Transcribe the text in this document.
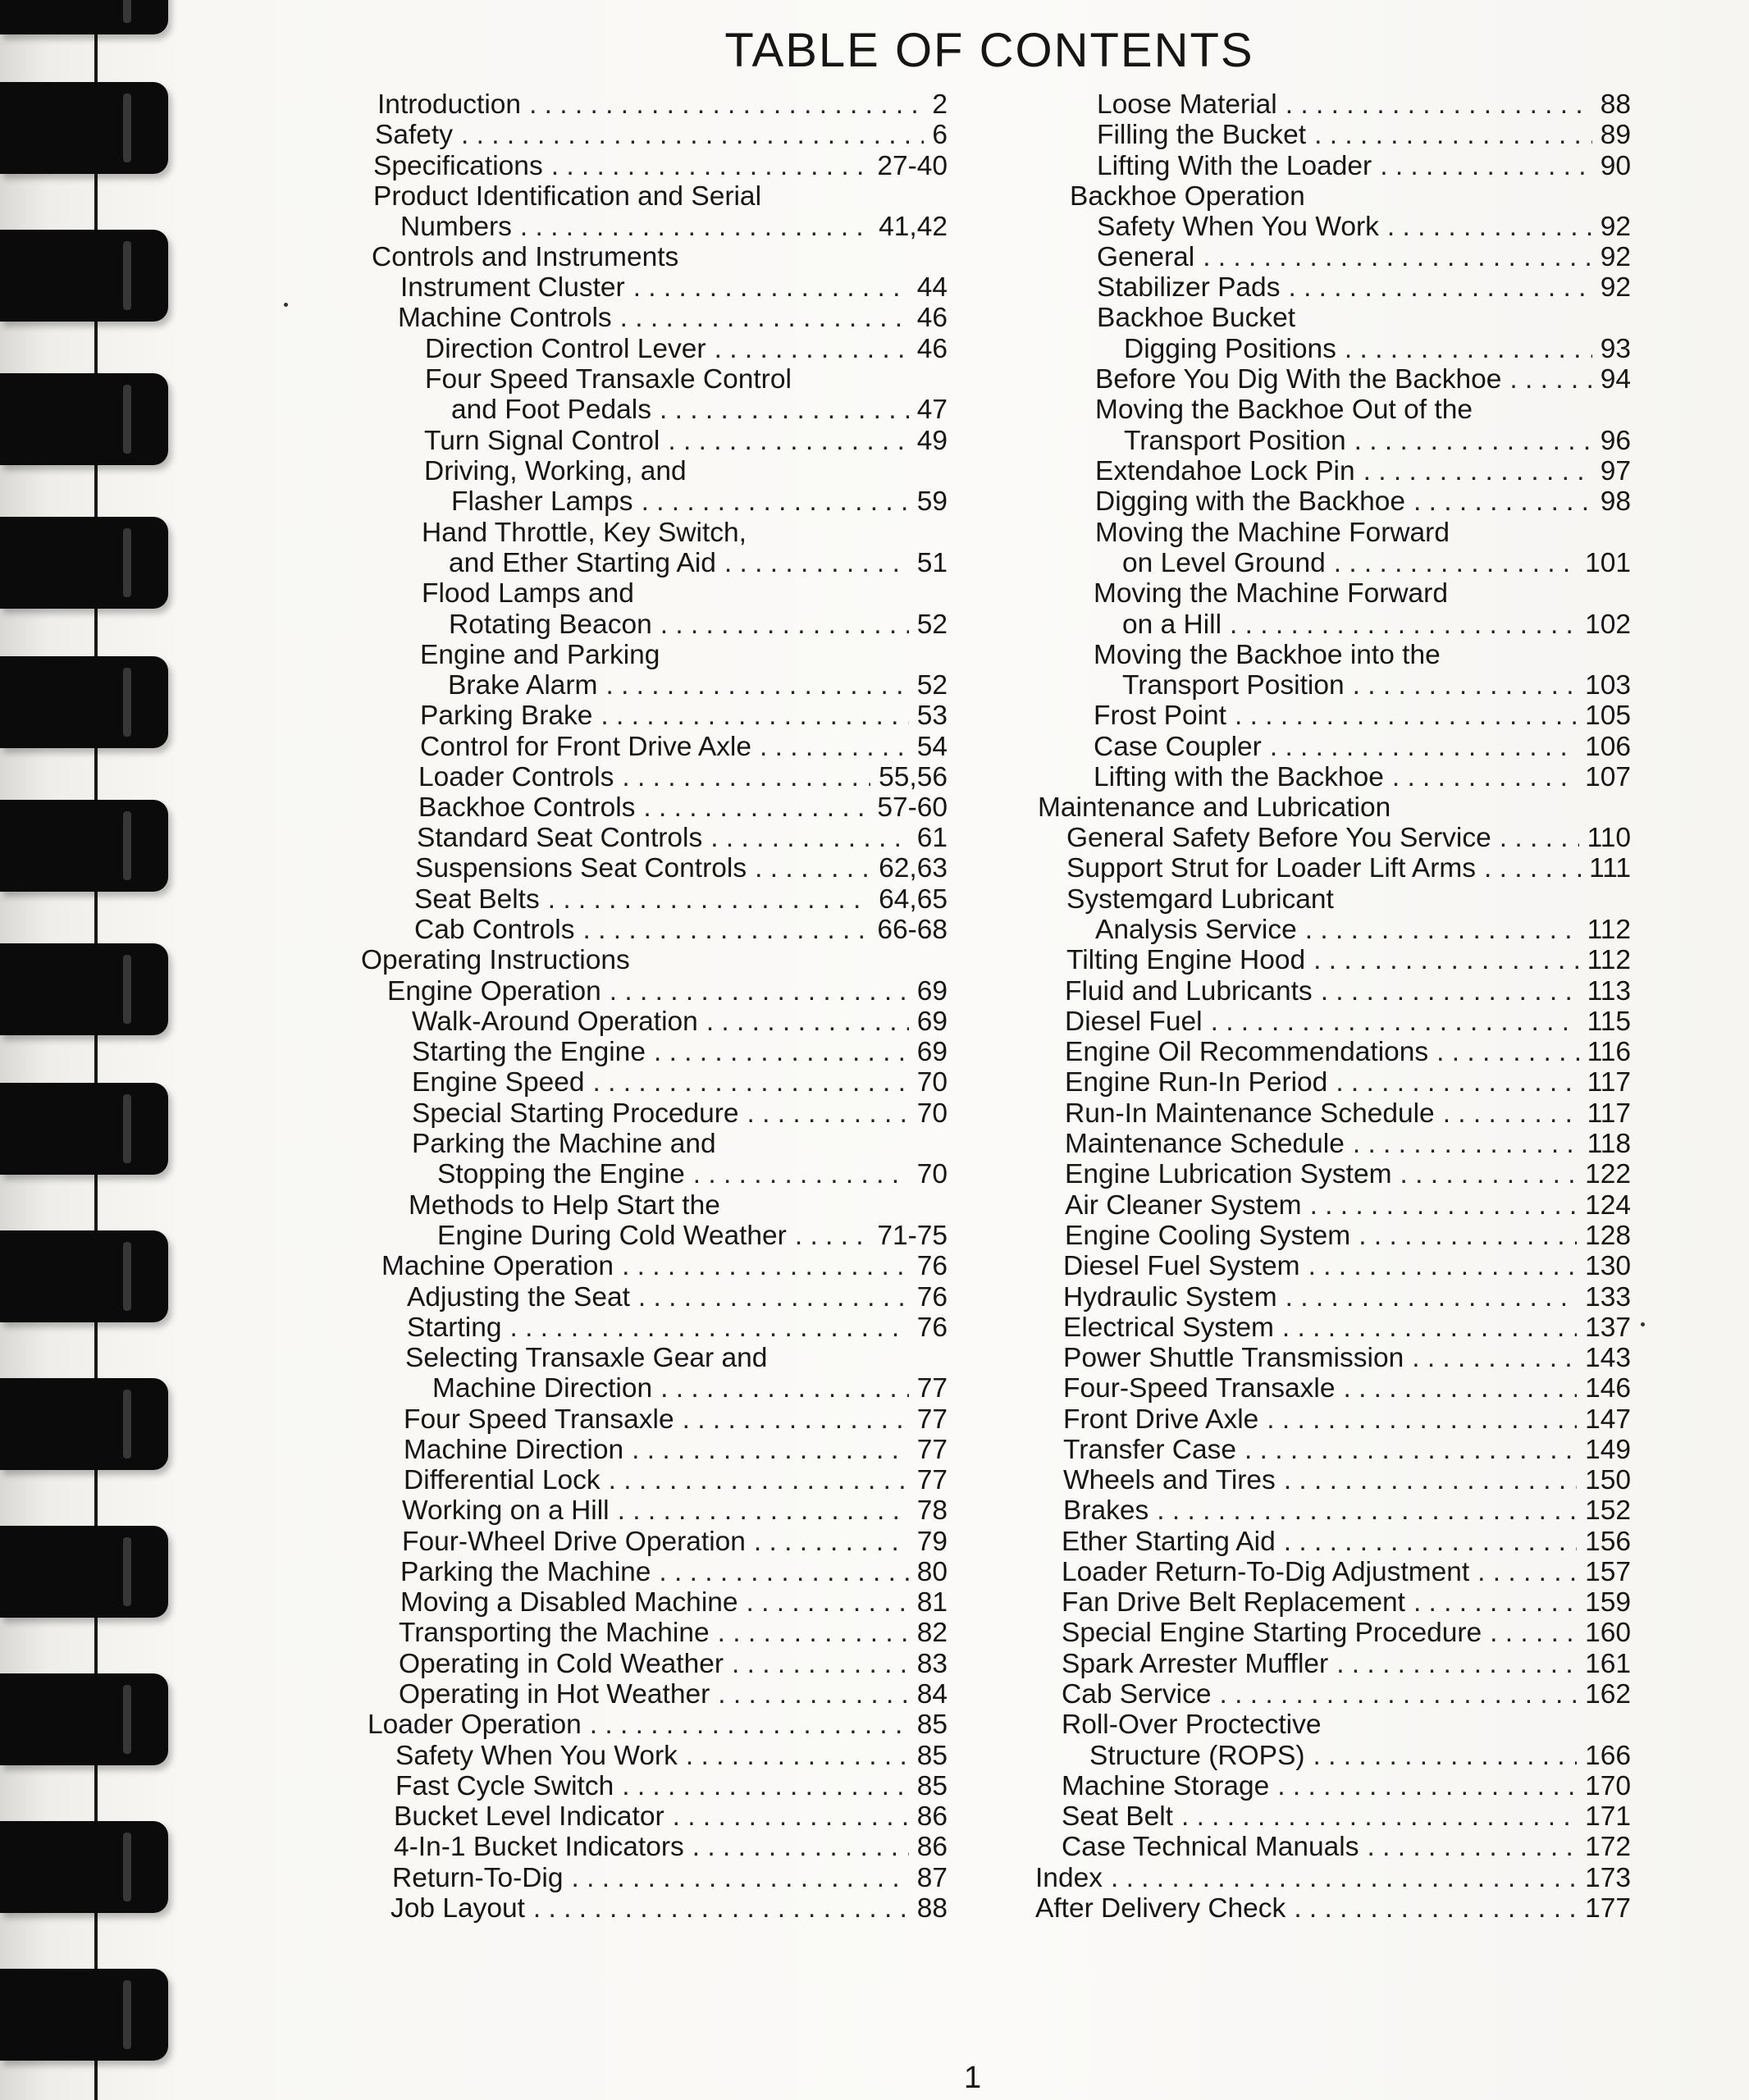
TABLE OF CONTENTS
Introduction . . .	2
Safety . . .	6
Specifications . . .	27-40
Product Identification and Serial
Numbers . . .	41,42
Controls and Instruments
Instrument Cluster . . .	44
Machine Controls . . .	46
Direction Control Lever . . .	46
Four Speed Transaxle Control
and Foot Pedals . . .	47
Turn Signal Control . . .	49
Driving, Working, and
Flasher Lamps . . .	59
Hand Throttle, Key Switch,
and Ether Starting Aid . . .	51
Flood Lamps and
Rotating Beacon . . .	52
Engine and Parking
Brake Alarm . . .	52
Parking Brake . . .	53
Control for Front Drive Axle . . .	54
Loader Controls . . .	55,56
Backhoe Controls . . .	57-60
Standard Seat Controls . . .	61
Suspensions Seat Controls . . .	62,63
Seat Belts . . .	64,65
Cab Controls . . .	66-68
Operating Instructions
Engine Operation . . .	69
Walk-Around Operation . . .	69
Starting the Engine . . .	69
Engine Speed . . .	70
Special Starting Procedure . . .	70
Parking the Machine and
Stopping the Engine . . .	70
Methods to Help Start the
Engine During Cold Weather . . .	71-75
Machine Operation . . .	76
Adjusting the Seat . . .	76
Starting . . .	76
Selecting Transaxle Gear and
Machine Direction . . .	77
Four Speed Transaxle . . .	77
Machine Direction . . .	77
Differential Lock . . .	77
Working on a Hill . . .	78
Four-Wheel Drive Operation . . .	79
Parking the Machine . . .	80
Moving a Disabled Machine . . .	81
Transporting the Machine . . .	82
Operating in Cold Weather . . .	83
Operating in Hot Weather . . .	84
Loader Operation . . .	85
Safety When You Work . . .	85
Fast Cycle Switch . . .	85
Bucket Level Indicator . . .	86
4-In-1 Bucket Indicators . . .	86
Return-To-Dig . . .	87
Job Layout . . .	88
Loose Material . . .	88
Filling the Bucket . . .	89
Lifting With the Loader . . .	90
Backhoe Operation
Safety When You Work . . .	92
General . . .	92
Stabilizer Pads . . .	92
Backhoe Bucket
Digging Positions . . .	93
Before You Dig With the Backhoe . . .	94
Moving the Backhoe Out of the
Transport Position . . .	96
Extendahoe Lock Pin . . .	97
Digging with the Backhoe . . .	98
Moving the Machine Forward
on Level Ground . . .	101
Moving the Machine Forward
on a Hill . . .	102
Moving the Backhoe into the
Transport Position . . .	103
Frost Point . . .	105
Case Coupler . . .	106
Lifting with the Backhoe . . .	107
Maintenance and Lubrication
General Safety Before You Service . . .	110
Support Strut for Loader Lift Arms . . .	111
Systemgard Lubricant
Analysis Service . . .	112
Tilting Engine Hood . . .	112
Fluid and Lubricants . . .	113
Diesel Fuel . . .	115
Engine Oil Recommendations . . .	116
Engine Run-In Period . . .	117
Run-In Maintenance Schedule . . .	117
Maintenance Schedule . . .	118
Engine Lubrication System . . .	122
Air Cleaner System . . .	124
Engine Cooling System . . .	128
Diesel Fuel System . . .	130
Hydraulic System . . .	133
Electrical System . . .	137
Power Shuttle Transmission . . .	143
Four-Speed Transaxle . . .	146
Front Drive Axle . . .	147
Transfer Case . . .	149
Wheels and Tires . . .	150
Brakes . . .	152
Ether Starting Aid . . .	156
Loader Return-To-Dig Adjustment . . .	157
Fan Drive Belt Replacement . . .	159
Special Engine Starting Procedure . . .	160
Spark Arrester Muffler . . .	161
Cab Service . . .	162
Roll-Over Proctective
Structure (ROPS) . . .	166
Machine Storage . . .	170
Seat Belt . . .	171
Case Technical Manuals . . .	172
Index . . .	173
After Delivery Check . . .	177
1
